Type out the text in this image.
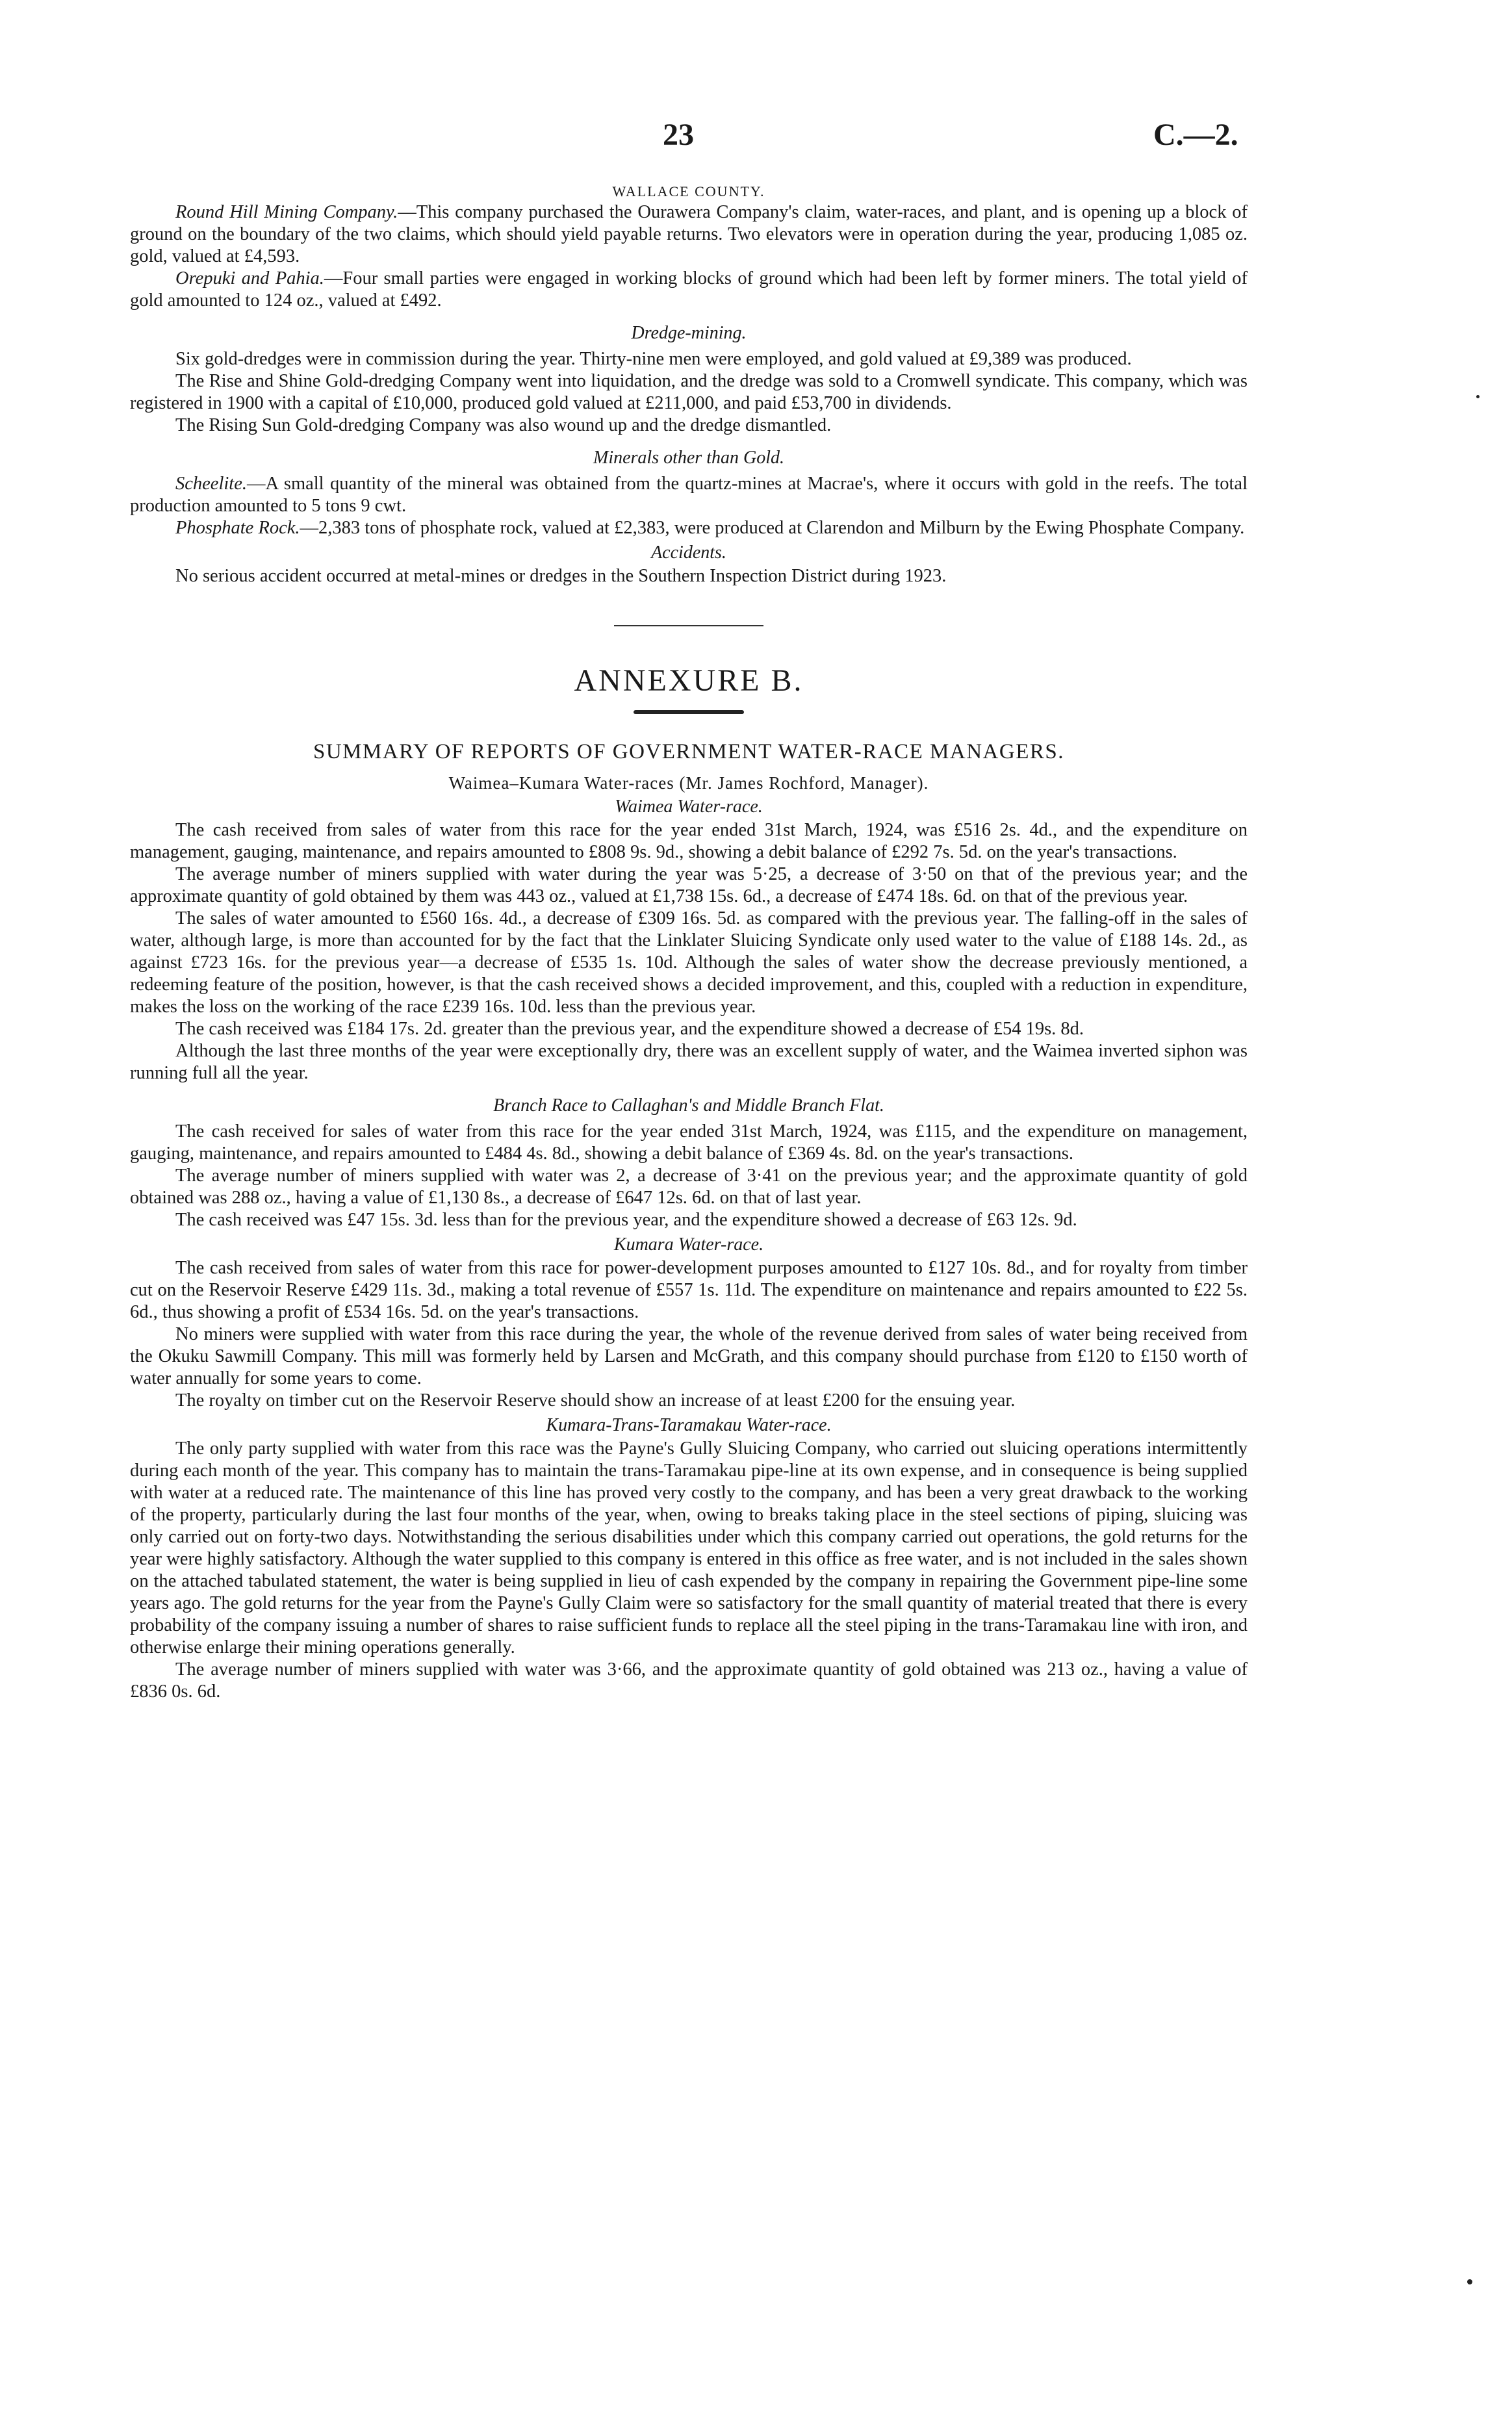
23	C.—2.
WALLACE COUNTY.

Round Hill Mining Company.—This company purchased the Ourawera Company's claim, water-races, and plant, and is opening up a block of ground on the boundary of the two claims, which should yield payable returns. Two elevators were in operation during the year, producing 1,085 oz. gold, valued at £4,593.

Orepuki and Pahia.—Four small parties were engaged in working blocks of ground which had been left by former miners. The total yield of gold amounted to 124 oz., valued at £492.

Dredge-mining.

Six gold-dredges were in commission during the year. Thirty-nine men were employed, and gold valued at £9,389 was produced.

The Rise and Shine Gold-dredging Company went into liquidation, and the dredge was sold to a Cromwell syndicate. This company, which was registered in 1900 with a capital of £10,000, produced gold valued at £211,000, and paid £53,700 in dividends.

The Rising Sun Gold-dredging Company was also wound up and the dredge dismantled.

Minerals other than Gold.

Scheelite.—A small quantity of the mineral was obtained from the quartz-mines at Macrae's, where it occurs with gold in the reefs. The total production amounted to 5 tons 9 cwt.

Phosphate Rock.—2,383 tons of phosphate rock, valued at £2,383, were produced at Clarendon and Milburn by the Ewing Phosphate Company.

Accidents.

No serious accident occurred at metal-mines or dredges in the Southern Inspection District during 1923.

ANNEXURE B.
SUMMARY OF REPORTS OF GOVERNMENT WATER-RACE MANAGERS.
Waimea–Kumara Water-races (Mr. James Rochford, Manager).
Waimea Water-race.

The cash received from sales of water from this race for the year ended 31st March, 1924, was £516 2s. 4d., and the expenditure on management, gauging, maintenance, and repairs amounted to £808 9s. 9d., showing a debit balance of £292 7s. 5d. on the year's transactions.

The average number of miners supplied with water during the year was 5·25, a decrease of 3·50 on that of the previous year; and the approximate quantity of gold obtained by them was 443 oz., valued at £1,738 15s. 6d., a decrease of £474 18s. 6d. on that of the previous year.

The sales of water amounted to £560 16s. 4d., a decrease of £309 16s. 5d. as compared with the previous year. The falling-off in the sales of water, although large, is more than accounted for by the fact that the Linklater Sluicing Syndicate only used water to the value of £188 14s. 2d., as against £723 16s. for the previous year—a decrease of £535 1s. 10d. Although the sales of water show the decrease previously mentioned, a redeeming feature of the position, however, is that the cash received shows a decided improvement, and this, coupled with a reduction in expenditure, makes the loss on the working of the race £239 16s. 10d. less than the previous year.

The cash received was £184 17s. 2d. greater than the previous year, and the expenditure showed a decrease of £54 19s. 8d.

Although the last three months of the year were exceptionally dry, there was an excellent supply of water, and the Waimea inverted siphon was running full all the year.

Branch Race to Callaghan's and Middle Branch Flat.

The cash received for sales of water from this race for the year ended 31st March, 1924, was £115, and the expenditure on management, gauging, maintenance, and repairs amounted to £484 4s. 8d., showing a debit balance of £369 4s. 8d. on the year's transactions.

The average number of miners supplied with water was 2, a decrease of 3·41 on the previous year; and the approximate quantity of gold obtained was 288 oz., having a value of £1,130 8s., a decrease of £647 12s. 6d. on that of last year.

The cash received was £47 15s. 3d. less than for the previous year, and the expenditure showed a decrease of £63 12s. 9d.

Kumara Water-race.

The cash received from sales of water from this race for power-development purposes amounted to £127 10s. 8d., and for royalty from timber cut on the Reservoir Reserve £429 11s. 3d., making a total revenue of £557 1s. 11d. The expenditure on maintenance and repairs amounted to £22 5s. 6d., thus showing a profit of £534 16s. 5d. on the year's transactions.

No miners were supplied with water from this race during the year, the whole of the revenue derived from sales of water being received from the Okuku Sawmill Company. This mill was formerly held by Larsen and McGrath, and this company should purchase from £120 to £150 worth of water annually for some years to come.

The royalty on timber cut on the Reservoir Reserve should show an increase of at least £200 for the ensuing year.

Kumara-Trans-Taramakau Water-race.

The only party supplied with water from this race was the Payne's Gully Sluicing Company, who carried out sluicing operations intermittently during each month of the year. This company has to maintain the trans-Taramakau pipe-line at its own expense, and in consequence is being supplied with water at a reduced rate. The maintenance of this line has proved very costly to the company, and has been a very great drawback to the working of the property, particularly during the last four months of the year, when, owing to breaks taking place in the steel sections of piping, sluicing was only carried out on forty-two days. Notwithstanding the serious disabilities under which this company carried out operations, the gold returns for the year were highly satisfactory. Although the water supplied to this company is entered in this office as free water, and is not included in the sales shown on the attached tabulated statement, the water is being supplied in lieu of cash expended by the company in repairing the Government pipe-line some years ago. The gold returns for the year from the Payne's Gully Claim were so satisfactory for the small quantity of material treated that there is every probability of the company issuing a number of shares to raise sufficient funds to replace all the steel piping in the trans-Taramakau line with iron, and otherwise enlarge their mining operations generally.

The average number of miners supplied with water was 3·66, and the approximate quantity of gold obtained was 213 oz., having a value of £836 0s. 6d.
